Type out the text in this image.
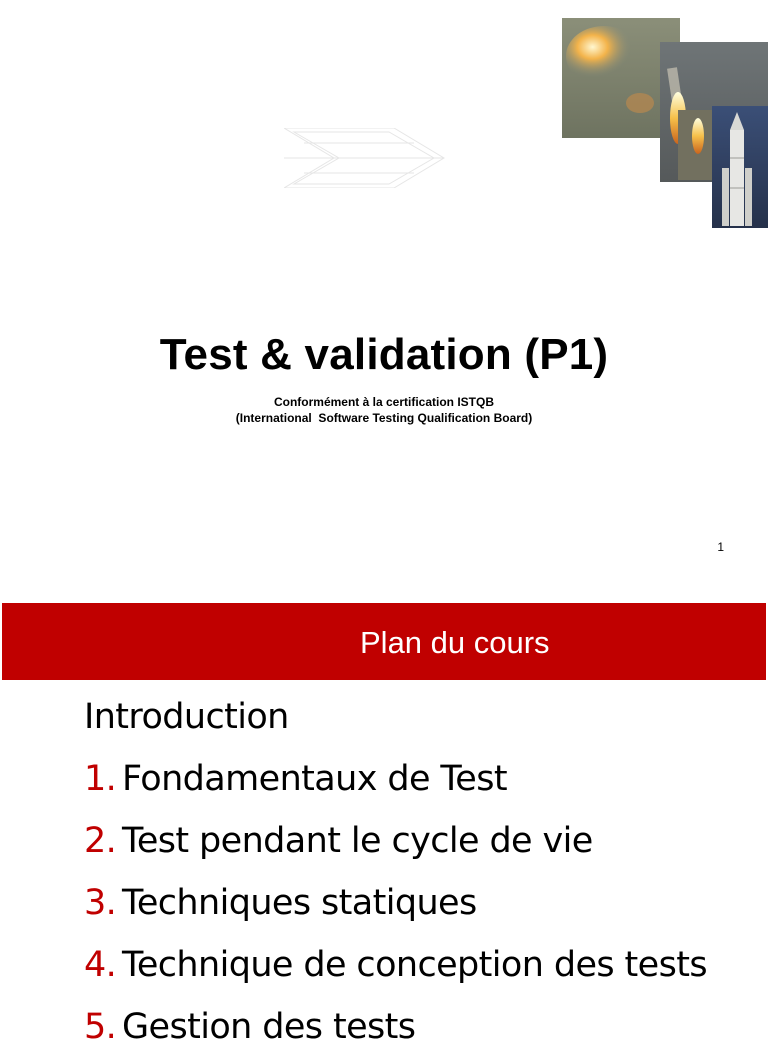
Test & validation (P1)
Conformément à la certification ISTQB
(International  Software Testing Qualification Board)
1
Plan du cours
Introduction
1. Fondamentaux de Test
2. Test pendant le cycle de vie
3. Techniques statiques
4. Technique de conception des tests
5. Gestion des tests
